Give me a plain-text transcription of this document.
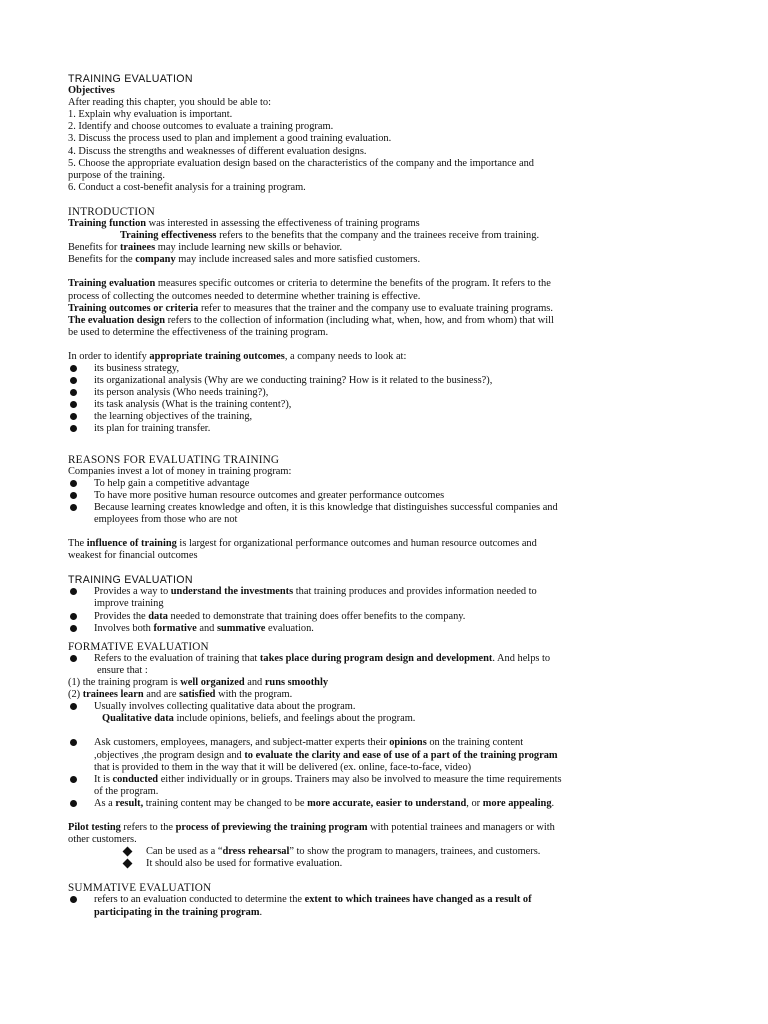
TRAINING EVALUATION
Objectives
After reading this chapter, you should be able to:
1. Explain why evaluation is important.
2. Identify and choose outcomes to evaluate a training program.
3. Discuss the process used to plan and implement a good training evaluation.
4. Discuss the strengths and weaknesses of different evaluation designs.
5. Choose the appropriate evaluation design based on the characteristics of the company and the importance and
purpose of the training.
6. Conduct a cost-benefit analysis for a training program.
INTRODUCTION
Training function was interested in assessing the effectiveness of training programs
Training effectiveness refers to the benefits that the company and the trainees receive from training.
Benefits for trainees may include learning new skills or behavior.
Benefits for the company may include increased sales and more satisfied customers.
Training evaluation measures specific outcomes or criteria to determine the benefits of the program. It refers to the
process of collecting the outcomes needed to determine whether training is effective.
Training outcomes or criteria refer to measures that the trainer and the company use to evaluate training programs.
The evaluation design refers to the collection of information (including what, when, how, and from whom) that will
be used to determine the effectiveness of the training program.
In order to identify appropriate training outcomes, a company needs to look at:
its business strategy,
its organizational analysis (Why are we conducting training? How is it related to the business?),
its person analysis (Who needs training?),
its task analysis (What is the training content?),
the learning objectives of the training,
its plan for training transfer.
REASONS FOR EVALUATING TRAINING
Companies invest a lot of money in training program:
To help gain a competitive advantage
To have more positive human resource outcomes and greater performance outcomes
Because learning creates knowledge and often, it is this knowledge that distinguishes successful companies and
employees from those who are not
The influence of training is largest for organizational performance outcomes and human resource outcomes and
weakest for financial outcomes
TRAINING EVALUATION
Provides a way to understand the investments that training produces and provides information needed to
improve training
Provides the data needed to demonstrate that training does offer benefits to the company.
Involves both formative and summative evaluation.
FORMATIVE EVALUATION
Refers to the evaluation of training that takes place during program design and development. And helps to
ensure that :
(1) the training program is well organized and runs smoothly
(2) trainees learn and are satisfied with the program.
Usually involves collecting qualitative data about the program.
Qualitative data include opinions, beliefs, and feelings about the program.
Ask customers, employees, managers, and subject-matter experts their opinions on the training content
,objectives ,the program design and to evaluate the clarity and ease of use of a part of the training program
that is provided to them in the way that it will be delivered (ex. online, face-to-face, video)
It is conducted either individually or in groups. Trainers may also be involved to measure the time requirements
of the program.
As a result, training content may be changed to be more accurate, easier to understand, or more appealing.
Pilot testing refers to the process of previewing the training program with potential trainees and managers or with
other customers.
Can be used as a “dress rehearsal” to show the program to managers, trainees, and customers.
It should also be used for formative evaluation.
SUMMATIVE EVALUATION
refers to an evaluation conducted to determine the extent to which trainees have changed as a result of
participating in the training program.
